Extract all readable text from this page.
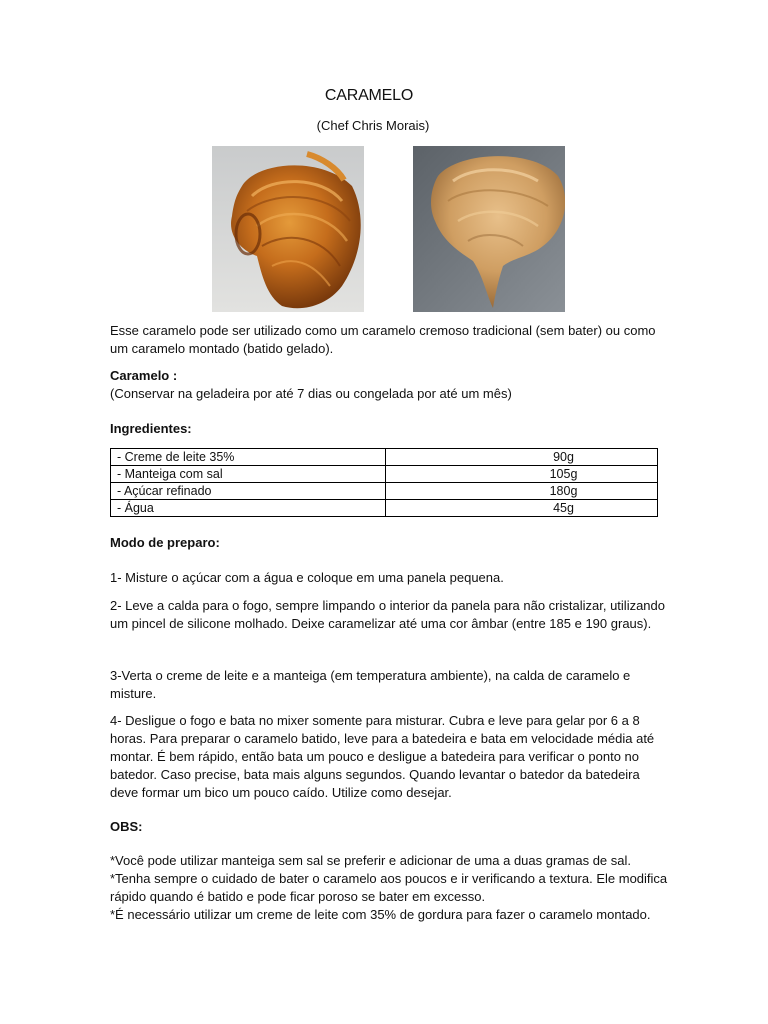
CARAMELO
(Chef Chris Morais)
Esse caramelo pode ser utilizado como um caramelo cremoso tradicional (sem bater) ou como um caramelo montado (batido gelado).
Caramelo :
(Conservar na geladeira por até 7 dias ou congelada por até um mês)
Ingredientes:
- Creme de leite 35%	90g
- Manteiga com sal	105g
- Açúcar refinado	180g
- Água	45g
Modo de preparo:
1- Misture o açúcar com a água e coloque em uma panela pequena.
2- Leve a calda para o fogo, sempre limpando o interior da panela para não cristalizar, utilizando um pincel de silicone molhado. Deixe caramelizar até uma cor âmbar (entre 185 e 190 graus).
3-Verta o creme de leite e a manteiga (em temperatura ambiente), na calda de caramelo e misture.
4- Desligue o fogo e bata no mixer somente para misturar. Cubra e leve para gelar por 6 a 8 horas. Para preparar o caramelo batido, leve para a batedeira e bata em velocidade média até montar. É bem rápido, então bata um pouco e desligue a batedeira para verificar o ponto no batedor. Caso precise, bata mais alguns segundos. Quando levantar o batedor da batedeira deve formar um bico um pouco caído. Utilize como desejar.
OBS:
*Você pode utilizar manteiga sem sal se preferir e adicionar de uma a duas gramas de sal.
*Tenha sempre o cuidado de bater o caramelo aos poucos e ir verificando a textura. Ele modifica rápido quando é batido e pode ficar poroso se bater em excesso.
*É necessário utilizar um creme de leite com 35% de gordura para fazer o caramelo montado.
